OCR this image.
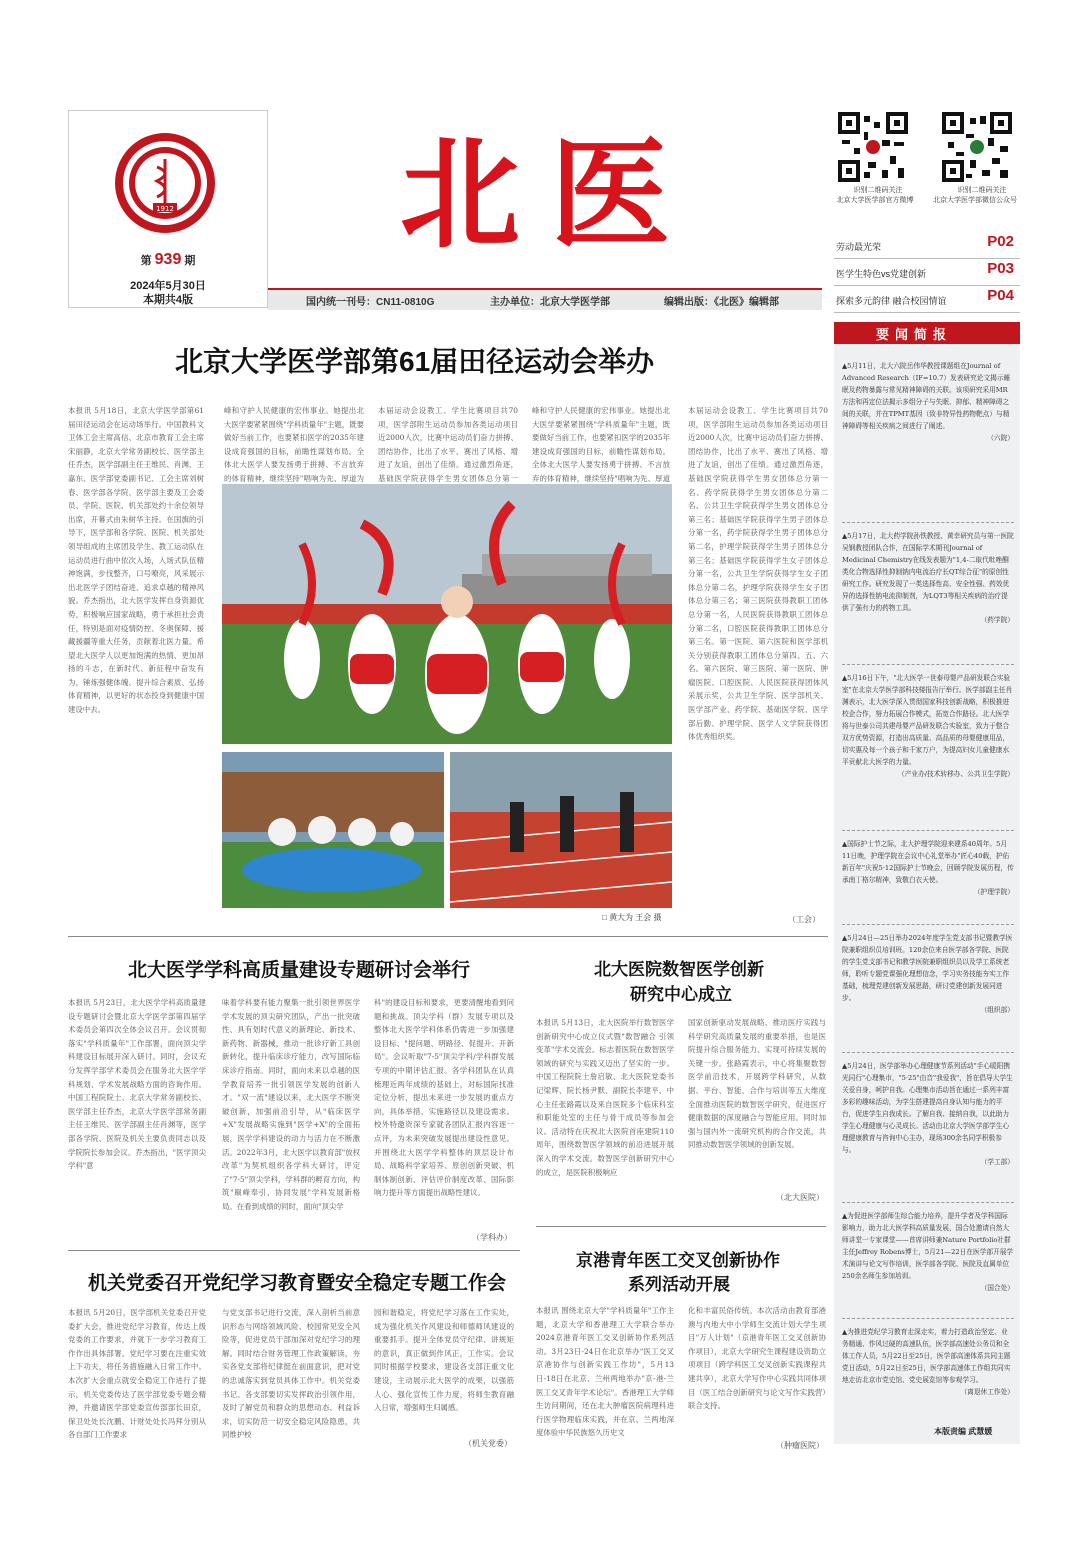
1912
第 939 期
2024年5月30日
本期共4版
北医
国内统一刊号：CN11-0810G	主办单位：北京大学医学部	编辑出版：《北医》编辑部
识别二维码关注
北京大学医学部官方微博
识别二维码关注
北京大学医学部微信公众号
劳动最光荣	P02
医学生特色vs党建创新	P03
探索多元韵律 融合校园情谊	P04
要闻简报
▲5月11日，北大六院岳伟华教授课题组在Journal of Advanced Research（IF=10.7）发表研究论文揭示睡眠及药物暴露与常见精神障碍的关联。该项研究采用MR方法和再定位法揭示多组分子与失眠、抑郁、精神障碍之间的关联，并在TPMT基因（致非特异性药物靶点）与精神障碍等相关疾病之间进行了阐述。
（六院）
▲5月17日，北大药学院孙铁教授、黄幸研究员与第一医院吴钢教授团队合作，在国际学术期刊Journal of Medicinal Chemistry在线发表题为"1,4-二取代吡唑酮类化合物选择性抑制钠内电流治疗长QT综合征"的原创性研究工作。研究发现了一类选择性高、安全性强、药效优异的选择性钠电流抑制剂，为LQT3等相关疾病的治疗提供了强有力的药物工具。
（药学院）
▲5月16日下午，"北大医学一世泰母婴产品研发联合实验室"在北京大学医学部科技楼报告厅举行。医学部副主任肖渊表示，北大医学深入贯彻国家科技创新战略，积极推进校企合作，努力拓展合作模式，拓宽合作路径。北大医学将与世泰公司共建母婴产品研发联合实验室，致力于整合双方优势资源，打造出高质量、高品质的母婴健康用品，切实惠及每一个孩子和千家万户，为提高妇女儿童健康水平贡献北大医学的力量。
（产业办/技术转移办、公共卫生学院）
▲国际护士节之际，北大护理学院迎来建系40周年。5月11日晚，护理学院在会议中心礼堂举办"匠心40载，护佑新百年"庆祝5·12国际护士节晚会，回顾学院发展历程，传承南丁格尔精神，致敬白衣天使。
（护理学院）
▲5月24日—25日举办2024年度学生党支部书记暨教学医院兼职组织员培训班。120余位来自医学部各学院、医院的学生党支部书记和教学医院兼职组织员以及学工系统老师，聆听专题党课强化理想信念，学习实务技能夯实工作基础，梳理党建创新发展思路，研讨党建创新发展同进步。
（组织部）
▲5月24日，医学部举办心理健康节系列活动"手心暖阳携光同行"心理集市，"5·25"由音"我爱我"，旨在倡导大学生关爱自身，呵护自我。心理集市活动旨在通过一系列丰富多彩的趣味活动，为学生搭建提高自身认知与能力的平台，促进学生自我成长。了解自我、接纳自我，以此助力学生心理健康与心灵成长。活动由北京大学医学部学生心理健康教育与咨询中心主办，现场300余名同学积极参与。
（学工部）
▲为促进医学部师生综合能力培养，提升学者及学科国际影响力，助力北大医学科高质量发展，国合处邀请自然大师讲堂一专家课堂——首席讲师兼Nature Portfolio社群主任Jeffrey Robens博士，5月21—22日在医学部开展学术演讲与论文写作培训，医学部各学院、医院及直属单位250余名师生参加培训。
（国合处）
▲为推进党纪学习教育走深走实，着力打造政治坚定、业务精通、作风过硬的高速队伍，医学部高速处公务员和全体工作人员，5月22日至25日，医学部高速体系共同主题党日活动，5月22日至25日，医学部高速体工作组共同实地走访北京市党史馆、党史展览馆等参观学习。
（离退休工作处）
本版责编 武慧媛
北京大学医学部第61届田径运动会举办
本报讯 5月18日，北京大学医学部第61届田径运动会在运动场举行。中国教科文卫体工会主席高信、北京市教育工会主席宋丽静，北京大学常务副校长、医学部主任乔杰，医学部副主任王维民、肖渊、王嘉东、医学部党委副书记、工会主席刘树春、医学部各学院、医学部主要及工会委员、学院、医院、机关部处约十余位领导出席，开幕式由朱树华主持。在国旗的引导下，医学部和各学院、医院、机关部处领导组成的主席团及学生、教工运动队在运动员进行曲中依次入场，入场式队伍精神饱满，步伐整齐，口号嘹亮，风采展示出北医学子团结奋进、追求卓越的精神风貌。乔杰指出，北大医学发挥自身资源优势，积极响应国家战略，勇于承担社会责任，特别是面对疫情防控、冬奥保障、援藏援疆等重大任务，贡献着北医力量。希望北大医学人以更加饱满的热情、更加昂扬的斗志，在新时代、新征程中奋发有为，锤炼强健体魄、提升综合素质、弘扬体育精神，以更好的状态投身到健康中国建设中去。
峰和守护人民健康的宏伟事业。她提出北大医学要紧紧围绕"学科质量年"主题，既要做好当前工作，也要紧扣医学的2035年建设成育强国的目标，前瞻性谋划布局。全体北大医学人要发扬勇于拼搏、不言放弃的体育精神，继续坚持"唱响为先、厚道为
本届运动会设教工、学生比赛项目共70项，医学部附生运动员参加各类运动项目近2000人次，比赛中运动员们奋力拼搏、团结协作，比出了水平、赛出了风格、增进了友谊，创出了佳绩。通过激烈角逐，基础医学院获得学生男女团体总分第一
峰和守护人民健康的宏伟事业。她提出北大医学要紧紧围绕"学科质量年"主题，既要做好当前工作，也要紧扣医学的2035年建设成育强国的目标，前瞻性谋划布局。全体北大医学人要发扬勇于拼搏、不言放弃的体育精神，继续坚持"唱响为先、厚道
□ 黄大为 王会 摄	（工会）
本届运动会设教工、学生比赛项目共70项，医学部附生运动员参加各类运动项目近2000人次，比赛中运动员们奋力拼搏、团结协作，比出了水平、赛出了风格、增进了友谊，创出了佳绩。通过激烈角逐，基础医学院获得学生男女团体总分第一名、药学院获得学生男女团体总分第二名、公共卫生学院获得学生男女团体总分第三名；基础医学院获得学生男子团体总分第一名，药学院获得学生男子团体总分第二名，护理学院获得学生男子团体总分第三名；基础医学院获得学生女子团体总分第一名，公共卫生学院获得学生女子团体总分第二名，护理学院获得学生女子团体总分第三名；第三医院获得教职工团体总分第一名，人民医院获得教职工团体总分第二名，口腔医院获得教职工团体总分第三名。第一医院、第六医院和医学部机关分别获得教职工团体总分第四、五、六名。第六医院、第三医院、第一医院、肿瘤医院、口腔医院、人民医院获得团体风采展示奖，公共卫生学院、医学部机关、医学部产业、药学院、基础医学院、医学部后勤、护理学院、医学人文学院获得团体优秀组织奖。
北大医学学科高质量建设专题研讨会举行
本报讯 5月23日，北大医学学科高质量建设专题研讨会暨北京大学医学部第四届学术委员会第四次全体会议召开。会议贯彻落实"学科质量年"工作部署，面向顶尖学科建设目标展开深入研讨。同时，会议充分发挥学部学术委员会在服务北大医学学科规划、学术发展战略方面的咨询作用。中国工程院院士、北京大学常务副校长、医学部主任乔杰，北京大学医学部常务副主任王维民、医学部副主任肖渊等，医学部各学院、医院及机关主要负责同志以及学院院长参加会议。乔杰指出，"医学顶尖学科"意
味着学科要有能力聚集一批引领世界医学学术发展的顶尖研究团队，产出一批突破性、具有划时代意义的新理论、新技术、新药物、新器械，推动一批诊疗新工具创新转化，提升临床诊疗能力，改写国际临床诊疗指南。同时，面向未来以卓越的医学教育培养一批引领医学发展的创新人才。"双一流"建设以来，北大医学不断突破创新，加强前沿引导，从"临床医学+X"发展战略实施到"医学+X"的全面拓展，医学学科建设的动力与活力在不断激活。2022年3月，北大医学以教育部"放权改革"为契机组织各学科大研讨，评定了"7-5"顶尖学科，学科群的孵育方向，构筑"巅峰奉引、协同发展"学科发展新格局。在看到成绩的同时，面向"顶尖学
科"的建设目标和要求，更要清醒地看到问题和挑战。顶尖学科（群）发展专项以及整体北大医学学科体系仍需进一步加强建设目标、"提问题、明路径、促提升、开新局"。会议听取"7-5"顶尖学科/学科群发展专项的中期评估汇报。各学科团队在认真梳理近两年成绩的基础上，对标国际找准定位分析，提出未来进一步发展的重点方向，具体举措、实施路径以及建设需求。校外特邀资深专家就各团队汇报内容逐一点评，为未来突破发展提出建设性意见。并围绕北大医学学科整体的顶层设计布局、战略科学家培养、原创创新突破、机制体制创新、评估评价制度改革、国际影响力提升等方面提出战略性建议。
（学科办）
北大医院数智医学创新
研究中心成立
本报讯 5月13日，北大医院举行数智医学创新研究中心成立仪式暨"数智融合 引领变革"学术交流会。标志着医院在数智医学领域的研究与实践又迈出了坚实的一步。中国工程院院士詹启敏、北大医院党委书记梁辉、院长杨尹默、副院长李建平、中心主任张路霞以及来自医院多个临床科室和职能处室的主任与骨干成员等参加会议。活动特在庆祝北大医院首座建院110周年，围绕数智医学领域的前沿进展开展深入的学术交流。数智医学创新研究中心的成立，是医院积极响应
国家创新驱动发展战略、推动医疗实践与科学研究高质量发展的重要举措，也是医院提升综合服务能力、实现可持续发展的关键一步。张路霞表示，中心将集聚数智医学前沿技术，开展跨学科研究，从数据、平台、智能、合作与培训等五大维度全面推动医院的数智医学研究，促进医疗健康数据的深度融合与智能应用。同时加强与国内外一流研究机构的合作交流，共同推动数智医学领域的创新发展。
（北大医院）
京港青年医工交叉创新协作
系列活动开展
本报讯 围绕北京大学"学科质量年"工作主题，北京大学和香港理工大学联合举办2024京港青年医工交叉创新协作系列活动。3月23日-24日在北京举办"医工交叉京港协作与创新实践工作坊"，5月13日-18日在北京、兰州两地举办"京-港-兰医工交叉青年学术论坛"。香港理工大学师生访问期间，还在北大肿瘤医院病理科进行医学物理临床实践，并在京、兰两地深度体验中华民族悠久历史文
化和丰富民俗传统。本次活动由教育部港澳与内地大中小学师生交流计划大学生项目"万人计划"（京港青年医工交叉创新协作项目），北京大学研究生课程建设资助立项项目（跨学科医工交叉创新实践课程共建共享），北京大学写作中心实践共同体项目（医工结合创新研究与论文写作实践营）联合支持。
（肿瘤医院）
机关党委召开党纪学习教育暨安全稳定专题工作会
本报讯 5月20日，医学部机关党委召开党委扩大会，推进党纪学习教育，传达上级党委的工作要求，并就下一步学习教育工作作出具体部署。党纪学习要在注重实效上下功夫，将任务措施融入日常工作中。本次扩大会重点就安全稳定工作进行了提示，机关党委传达了医学部党委专题会精神，并邀请医学部党委宣传部部长田京，保卫处处长沈鹏、计财处处长冯拜分别从各自部门工作要求
与党支部书记进行交流，深入剖析当前意识形态与网络领域风险、校园常见安全风险等，促进党员干部加深对党纪学习的理解。同时结合财务管理工作政策解读，夯实各党支部将纪律挺在前面意识，把对党的忠诚落实到党员具体工作中。机关党委书记、各支部要切实发挥政治引领作用，及时了解党员和群众的思想动态、利益诉求，切实防范一切安全稳定风险隐患，共同维护校
园和谐稳定，将党纪学习落在工作实处，成为强化机关作风建设和师德师风建设的重要抓手。提升全体党员守纪律、讲规矩的意识，真正做到作风正，工作实。会议同时根据学校要求，建设各支部汪重文化建设，主动展示北大医学的成果，以强筋人心、强化宣传工作力度，将师生教育融入日常，增强师生归属感。
（机关党委）
